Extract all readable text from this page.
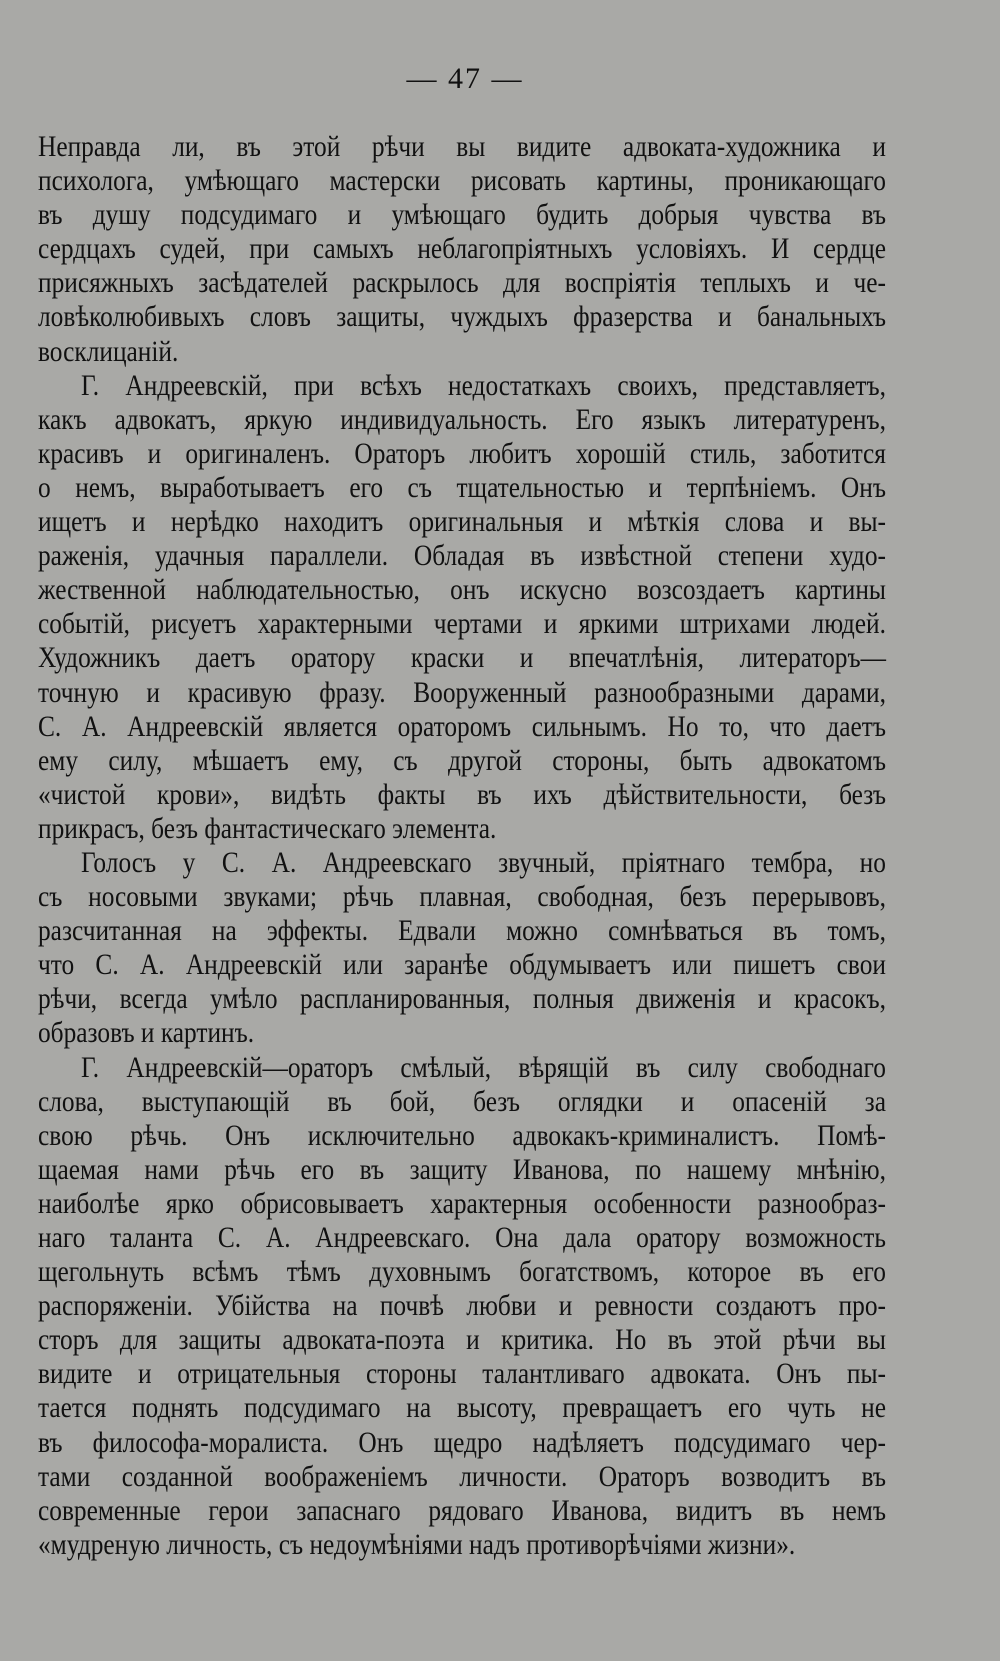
— 47 —
Неправда ли, въ этой рѣчи вы видите адвоката-художника и
психолога, умѣющаго мастерски рисовать картины, проникающаго
въ душу подсудимаго и умѣющаго будить добрыя чувства въ
сердцахъ судей, при самыхъ неблагопріятныхъ условіяхъ. И сердце
присяжныхъ засѣдателей раскрылось для воспріятія теплыхъ и че-
ловѣколюбивыхъ словъ защиты, чуждыхъ фразерства и банальныхъ
восклицаній.
Г. Андреевскій, при всѣхъ недостаткахъ своихъ, представляетъ,
какъ адвокатъ, яркую индивидуальность. Его языкъ литературенъ,
красивъ и оригиналенъ. Ораторъ любитъ хорошій стиль, заботится
о немъ, выработываетъ его съ тщательностью и терпѣніемъ. Онъ
ищетъ и нерѣдко находитъ оригинальныя и мѣткія слова и вы-
раженія, удачныя параллели. Обладая въ извѣстной степени худо-
жественной наблюдательностью, онъ искусно возсоздаетъ картины
событій, рисуетъ характерными чертами и яркими штрихами людей.
Художникъ даетъ оратору краски и впечатлѣнія, литераторъ—
точную и красивую фразу. Вооруженный разнообразными дарами,
С. А. Андреевскій является ораторомъ сильнымъ. Но то, что даетъ
ему силу, мѣшаетъ ему, съ другой стороны, быть адвокатомъ
«чистой крови», видѣть факты въ ихъ дѣйствительности, безъ
прикрасъ, безъ фантастическаго элемента.
Голосъ у С. А. Андреевскаго звучный, пріятнаго тембра, но
съ носовыми звуками; рѣчь плавная, свободная, безъ перерывовъ,
разсчитанная на эффекты. Едвали можно сомнѣваться въ томъ,
что С. А. Андреевскій или заранѣе обдумываетъ или пишетъ свои
рѣчи, всегда умѣло распланированныя, полныя движенія и красокъ,
образовъ и картинъ.
Г. Андреевскій—ораторъ смѣлый, вѣрящій въ силу свободнаго
слова, выступающій въ бой, безъ оглядки и опасеній за
свою рѣчь. Онъ исключительно адвокакъ-криминалистъ. Помѣ-
щаемая нами рѣчь его въ защиту Иванова, по нашему мнѣнію,
наиболѣе ярко обрисовываетъ характерныя особенности разнообраз-
наго таланта С. А. Андреевскаго. Она дала оратору возможность
щегольнуть всѣмъ тѣмъ духовнымъ богатствомъ, которое въ его
распоряженіи. Убійства на почвѣ любви и ревности создаютъ про-
сторъ для защиты адвоката-поэта и критика. Но въ этой рѣчи вы
видите и отрицательныя стороны талантливаго адвоката. Онъ пы-
тается поднять подсудимаго на высоту, превращаетъ его чуть не
въ философа-моралиста. Онъ щедро надѣляетъ подсудимаго чер-
тами созданной воображеніемъ личности. Ораторъ возводитъ въ
современные герои запаснаго рядоваго Иванова, видитъ въ немъ
«мудреную личность, съ недоумѣніями надъ противорѣчіями жизни».
